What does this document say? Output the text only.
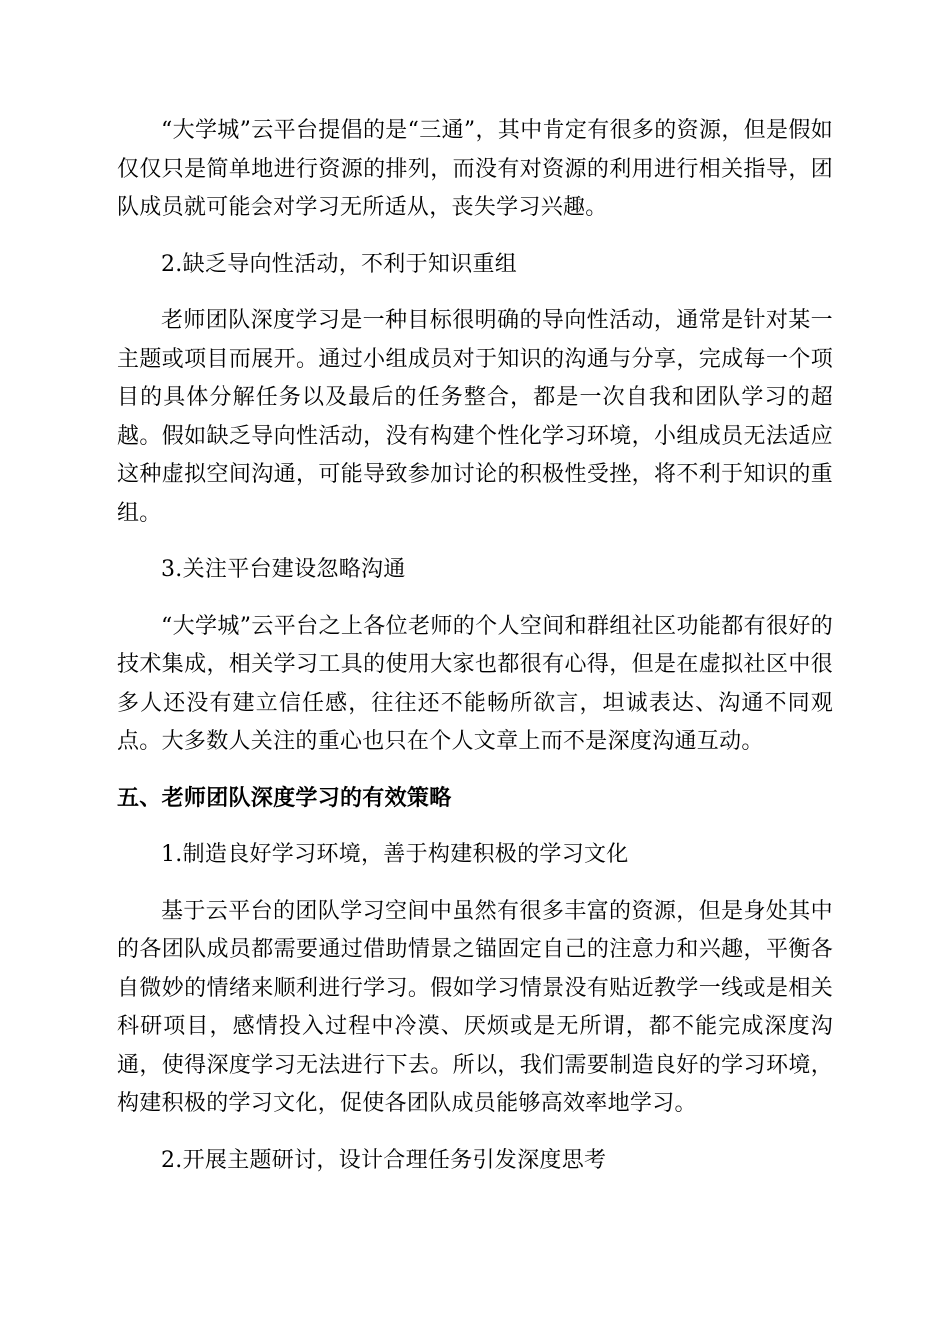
“大学城”云平台提倡的是“三通”，其中肯定有很多的资源，但是假如仅仅只是简单地进行资源的排列，而没有对资源的利用进行相关指导，团队成员就可能会对学习无所适从，丧失学习兴趣。

2.缺乏导向性活动，不利于知识重组

老师团队深度学习是一种目标很明确的导向性活动，通常是针对某一主题或项目而展开。通过小组成员对于知识的沟通与分享，完成每一个项目的具体分解任务以及最后的任务整合，都是一次自我和团队学习的超越。假如缺乏导向性活动，没有构建个性化学习环境，小组成员无法适应这种虚拟空间沟通，可能导致参加讨论的积极性受挫，将不利于知识的重组。

3.关注平台建设忽略沟通

“大学城”云平台之上各位老师的个人空间和群组社区功能都有很好的技术集成，相关学习工具的使用大家也都很有心得，但是在虚拟社区中很多人还没有建立信任感，往往还不能畅所欲言，坦诚表达、沟通不同观点。大多数人关注的重心也只在个人文章上而不是深度沟通互动。

五、老师团队深度学习的有效策略

1.制造良好学习环境，善于构建积极的学习文化

基于云平台的团队学习空间中虽然有很多丰富的资源，但是身处其中的各团队成员都需要通过借助情景之锚固定自己的注意力和兴趣，平衡各自微妙的情绪来顺利进行学习。假如学习情景没有贴近教学一线或是相关科研项目，感情投入过程中冷漠、厌烦或是无所谓，都不能完成深度沟通，使得深度学习无法进行下去。所以，我们需要制造良好的学习环境，构建积极的学习文化，促使各团队成员能够高效率地学习。

2.开展主题研讨，设计合理任务引发深度思考
